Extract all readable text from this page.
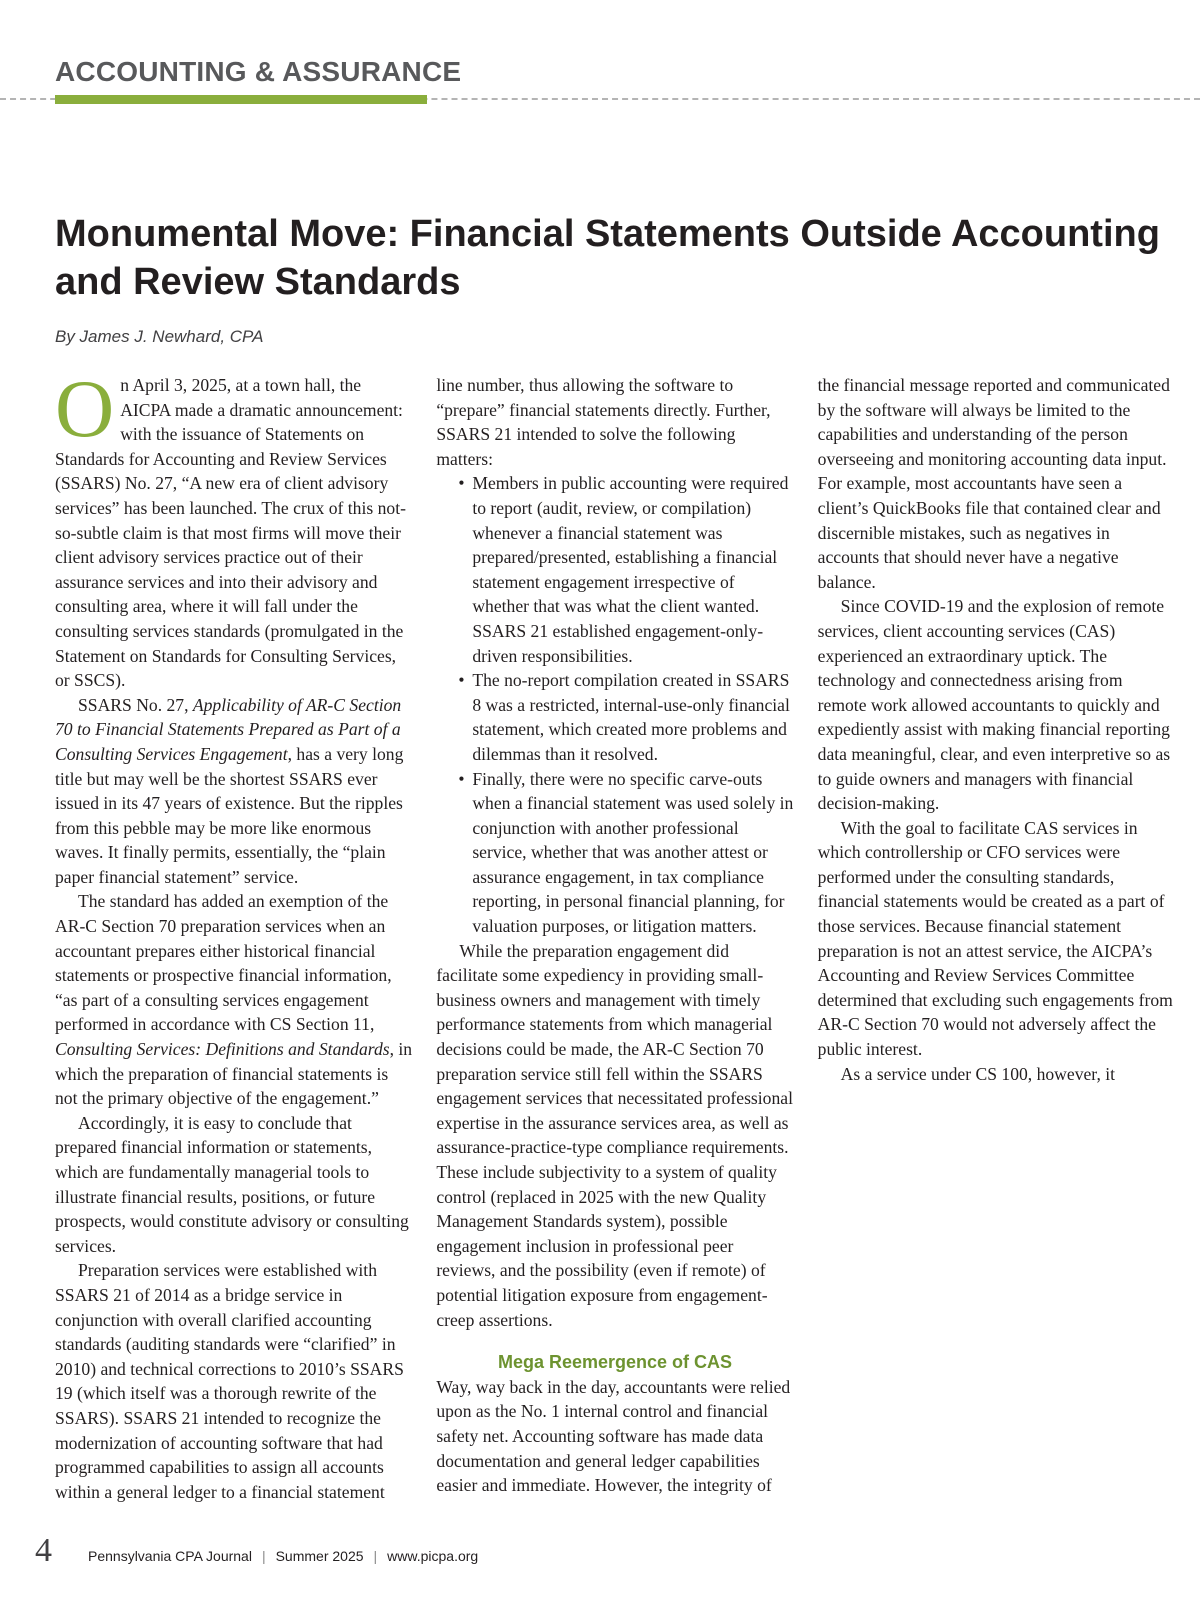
ACCOUNTING & ASSURANCE
Monumental Move: Financial Statements Outside Accounting and Review Standards
By James J. Newhard, CPA

On April 3, 2025, at a town hall, the AICPA made a dramatic announcement: with the issuance of Statements on Standards for Accounting and Review Services (SSARS) No. 27, “A new era of client advisory services” has been launched. The crux of this not-so-subtle claim is that most firms will move their client advisory services practice out of their assurance services and into their advisory and consulting area, where it will fall under the consulting services standards (promulgated in the Statement on Standards for Consulting Services, or SSCS).

SSARS No. 27, Applicability of AR-C Section 70 to Financial Statements Prepared as Part of a Consulting Services Engagement, has a very long title but may well be the shortest SSARS ever issued in its 47 years of existence. But the ripples from this pebble may be more like enormous waves. It finally permits, essentially, the “plain paper financial statement” service.

The standard has added an exemption of the AR-C Section 70 preparation services when an accountant prepares either historical financial statements or prospective financial information, “as part of a consulting services engagement performed in accordance with CS Section 11, Consulting Services: Definitions and Standards, in which the preparation of financial statements is not the primary objective of the engagement.”

Accordingly, it is easy to conclude that prepared financial information or statements, which are fundamentally managerial tools to illustrate financial results, positions, or future prospects, would constitute advisory or consulting services.

Preparation services were established with SSARS 21 of 2014 as a bridge service in conjunction with overall clarified accounting standards (auditing standards were “clarified” in 2010) and technical corrections to 2010’s SSARS 19 (which itself was a thorough rewrite of the SSARS). SSARS 21 intended to recognize the modernization of accounting software that had programmed capabilities to assign all accounts within a general ledger to a financial statement line number, thus allowing the software to “prepare” financial statements directly. Further, SSARS 21 intended to solve the following matters:

• Members in public accounting were required to report (audit, review, or compilation) whenever a financial statement was prepared/presented, establishing a financial statement engagement irrespective of whether that was what the client wanted. SSARS 21 established engagement-only-driven responsibilities.
• The no-report compilation created in SSARS 8 was a restricted, internal-use-only financial statement, which created more problems and dilemmas than it resolved.
• Finally, there were no specific carve-outs when a financial statement was used solely in conjunction with another professional service, whether that was another attest or assurance engagement, in tax compliance reporting, in personal financial planning, for valuation purposes, or litigation matters.

While the preparation engagement did facilitate some expediency in providing small-business owners and management with timely performance statements from which managerial decisions could be made, the AR-C Section 70 preparation service still fell within the SSARS engagement services that necessitated professional expertise in the assurance services area, as well as assurance-practice-type compliance requirements. These include subjectivity to a system of quality control (replaced in 2025 with the new Quality Management Standards system), possible engagement inclusion in professional peer reviews, and the possibility (even if remote) of potential litigation exposure from engagement-creep assertions.

Mega Reemergence of CAS

Way, way back in the day, accountants were relied upon as the No. 1 internal control and financial safety net. Accounting software has made data documentation and general ledger capabilities easier and immediate. However, the integrity of the financial message reported and communicated by the software will always be limited to the capabilities and understanding of the person overseeing and monitoring accounting data input. For example, most accountants have seen a client’s QuickBooks file that contained clear and discernible mistakes, such as negatives in accounts that should never have a negative balance.

Since COVID-19 and the explosion of remote services, client accounting services (CAS) experienced an extraordinary uptick. The technology and connectedness arising from remote work allowed accountants to quickly and expediently assist with making financial reporting data meaningful, clear, and even interpretive so as to guide owners and managers with financial decision-making.

With the goal to facilitate CAS services in which controllership or CFO services were performed under the consulting standards, financial statements would be created as a part of those services. Because financial statement preparation is not an attest service, the AICPA’s Accounting and Review Services Committee determined that excluding such engagements from AR-C Section 70 would not adversely affect the public interest.

As a service under CS 100, however, it

4	Pennsylvania CPA Journal | Summer 2025 | www.picpa.org
